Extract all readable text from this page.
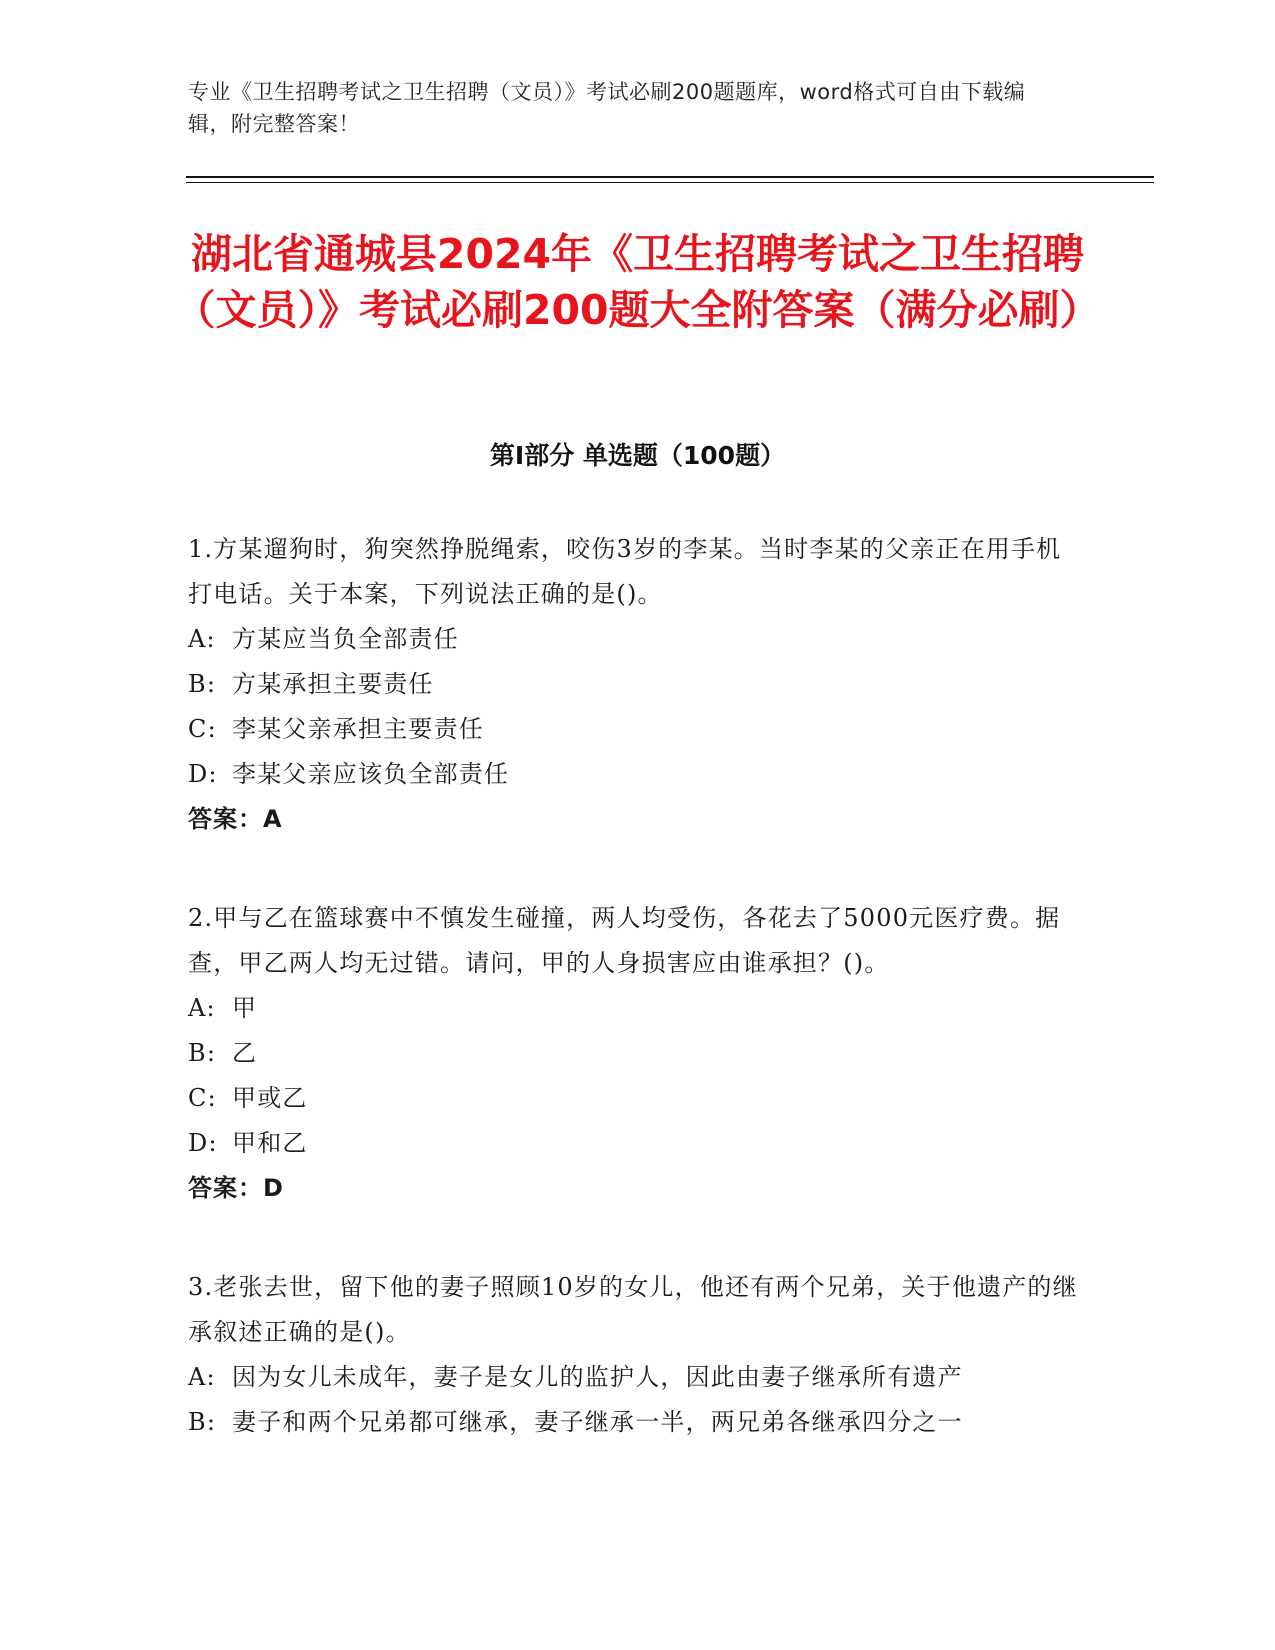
专业《卫生招聘考试之卫生招聘（文员）》考试必刷200题题库，word格式可自由下载编辑，附完整答案！
湖北省通城县2024年《卫生招聘考试之卫生招聘（文员）》考试必刷200题大全附答案（满分必刷）
第Ⅰ部分 单选题（100题）
1.方某遛狗时，狗突然挣脱绳索，咬伤3岁的李某。当时李某的父亲正在用手机打电话。关于本案，下列说法正确的是()。
A: 方某应当负全部责任
B: 方某承担主要责任
C: 李某父亲承担主要责任
D: 李某父亲应该负全部责任
答案：A
2.甲与乙在篮球赛中不慎发生碰撞，两人均受伤，各花去了5000元医疗费。据查，甲乙两人均无过错。请问，甲的人身损害应由谁承担？()。
A: 甲
B: 乙
C: 甲或乙
D: 甲和乙
答案：D
3.老张去世，留下他的妻子照顾10岁的女儿，他还有两个兄弟，关于他遗产的继承叙述正确的是()。
A: 因为女儿未成年，妻子是女儿的监护人，因此由妻子继承所有遗产
B: 妻子和两个兄弟都可继承，妻子继承一半，两兄弟各继承四分之一
